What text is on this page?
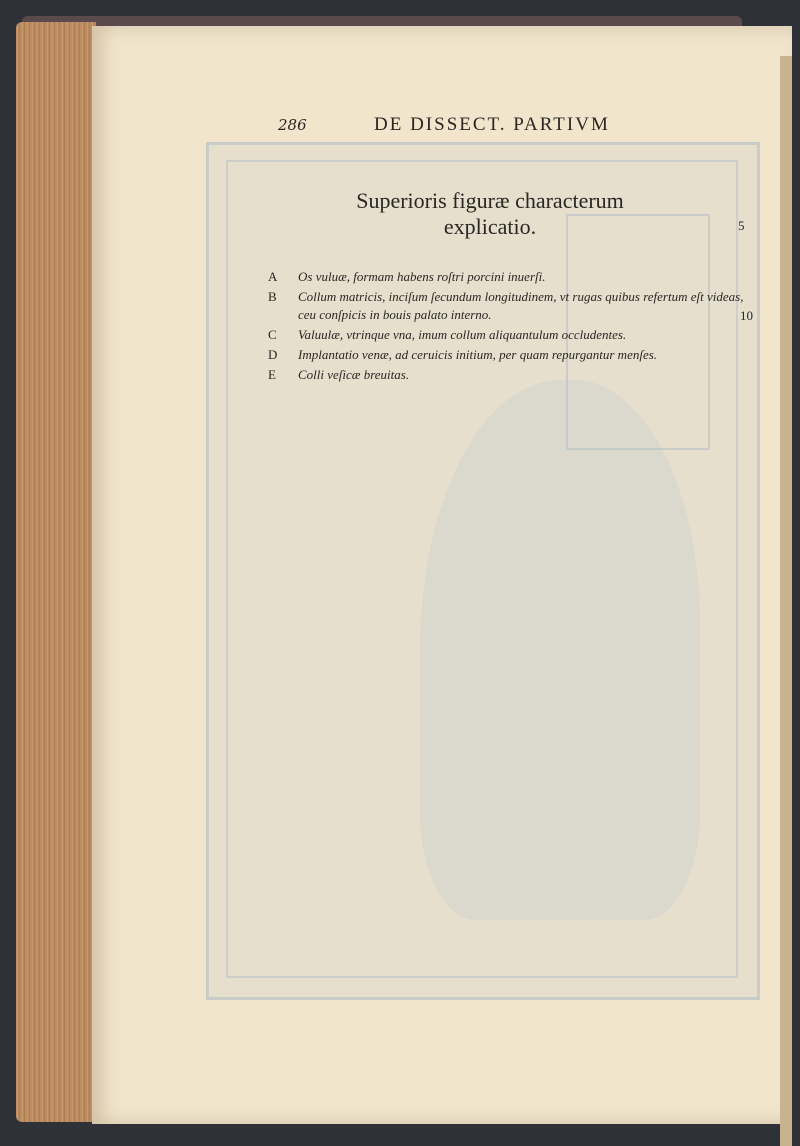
286	DE DISSECT. PARTIVM
Superioris figuræ characterum
explicatio.	5
10
A	Os vuluæ, formam habens roſtri porcini inuerſi.
B	Collum matricis, inciſum ſecundum longitudinem, vt rugas quibus refertum eſt videas, ceu conſpicis in bouis palato interno.
C	Valuulæ, vtrinque vna, imum collum aliquantulum occludentes.
D	Implantatio venæ, ad ceruicis initium, per quam repurgantur menſes.
E	Colli veſicæ breuitas.
